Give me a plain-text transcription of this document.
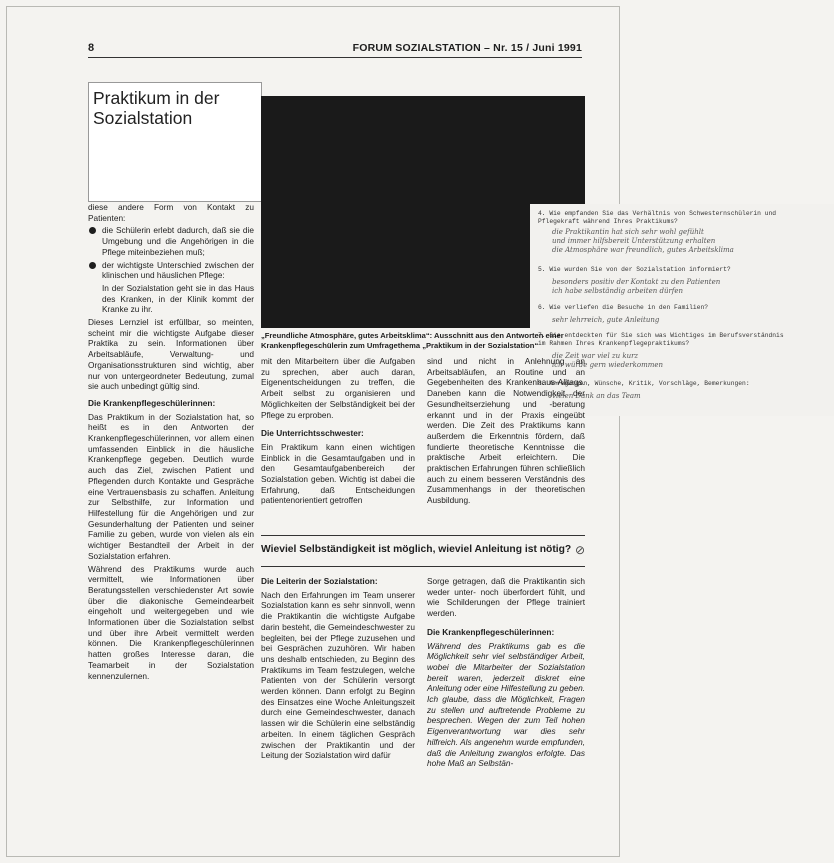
8	FORUM SOZIALSTATION – Nr. 15 / Juni 1991
Praktikum in der Sozialstation
4. Wie empfanden Sie das Verhältnis von Schwesternschülerin und
Pflegekraft während Ihres Praktikums?
die Praktikantin hat sich sehr wohl gefühlt
und immer hilfsbereit Unterstützung erhalten
die Atmosphäre war freundlich, gutes Arbeitsklima
5. Wie wurden Sie von der Sozialstation informiert?
besonders positiv der Kontakt zu den Patienten
ich habe selbständig arbeiten dürfen
6. Wie verliefen die Besuche in den Familien?
sehr lehrreich, gute Anleitung
7. Sie entdeckten für Sie sich was Wichtiges im Berufsverständnis
im Rahmen Ihres Krankenpflegepraktikums?
die Zeit war viel zu kurz
ich würde gern wiederkommen
8. Anregungen, Wünsche, Kritik, Vorschläge, Bemerkungen:
vielen Dank an das Team
„Freundliche Atmosphäre, gutes Arbeitsklima“: Ausschnitt aus den Antworten einer Krankenpflegeschülerin zum Umfragethema „Praktikum in der Sozialstation“

diese andere Form von Kontakt zu Patienten:

die Schülerin erlebt dadurch, daß sie die Umgebung und die Angehörigen in die Pflege miteinbeziehen muß;
der wichtigste Unterschied zwischen der klinischen und häuslichen Pflege:

In der Sozialstation geht sie in das Haus des Kranken, in der Klinik kommt der Kranke zu ihr.

Dieses Lernziel ist erfüllbar, so meinten, scheint mir die wichtigste Aufgabe dieser Praktika zu sein. Informationen über Arbeitsabläufe, Verwaltung- und Organisationsstrukturen sind wichtig, aber nur von untergeordneter Bedeutung, zumal sie auch unbedingt gültig sind.

Die Krankenpflegeschülerinnen:

Das Praktikum in der Sozialstation hat, so heißt es in den Antworten der Krankenpflegeschülerinnen, vor allem einen umfassenden Einblick in die häusliche Krankenpflege gegeben. Deutlich wurde auch das Ziel, zwischen Patient und Pflegenden durch Kontakte und Gespräche eine Vertrauensbasis zu schaffen. Anleitung zur Selbsthilfe, zur Information und Hilfestellung für die Angehörigen und zur Gesunderhaltung der Patienten und seiner Familie zu geben, wurde von vielen als ein wichtiger Bestandteil der Arbeit in der Sozialstation erfahren.

Während des Praktikums wurde auch vermittelt, wie Informationen über Beratungsstellen verschiedenster Art sowie über die diakonische Gemeindearbeit eingeholt und weitergegeben und wie Informationen über die Sozialstation selbst und über ihre Arbeit vermittelt werden können. Die Krankenpflegeschülerinnen hatten großes Interesse daran, die Teamarbeit in der Sozialstation kennenzulernen.

mit den Mitarbeitern über die Aufgaben zu sprechen, aber auch daran, Eigenentscheidungen zu treffen, die Arbeit selbst zu organisieren und Möglichkeiten der Selbständigkeit bei der Pflege zu erproben.

Die Unterrichtsschwester:

Ein Praktikum kann einen wichtigen Einblick in die Gesamtaufgaben und in den Gesamtaufgabenbereich der Sozialstation geben. Wichtig ist dabei die Erfahrung, daß Entscheidungen patientenorientiert getroffen

sind und nicht in Anlehnung an Arbeitsabläufen, an Routine und an Gegebenheiten des Krankenhaus-Alltags. Daneben kann die Notwendigkeit der Gesundheitserziehung und -beratung erkannt und in der Praxis eingeübt werden. Die Zeit des Praktikums kann außerdem die Erkenntnis fördern, daß fundierte theoretische Kenntnisse die praktische Arbeit erleichtern. Die praktischen Erfahrungen führen schließlich auch zu einem besseren Verständnis des Zusammenhangs in der theoretischen Ausbildung.

Wieviel Selbständigkeit ist möglich, wieviel Anleitung ist nötig? ⊘
Die Leiterin der Sozialstation:

Nach den Erfahrungen im Team unserer Sozialstation kann es sehr sinnvoll, wenn die Praktikantin die wichtigste Aufgabe darin besteht, die Gemeindeschwester zu begleiten, bei der Pflege zuzusehen und bei Gesprächen zuzuhören. Wir haben uns deshalb entschieden, zu Beginn des Praktikums im Team festzulegen, welche Patienten von der Schülerin versorgt werden können. Dann erfolgt zu Beginn des Einsatzes eine Woche Anleitungszeit durch eine Gemeindeschwester, danach lassen wir die Schülerin eine selbständig arbeiten. In einem täglichen Gespräch zwischen der Praktikantin und der Leitung der Sozialstation wird dafür

Sorge getragen, daß die Praktikantin sich weder unter- noch überfordert fühlt, und wie Schilderungen der Pflege trainiert werden.

Die Krankenpflegeschülerinnen:

Während des Praktikums gab es die Möglichkeit sehr viel selbständiger Arbeit, wobei die Mitarbeiter der Sozialstation bereit waren, jederzeit diskret eine Anleitung oder eine Hilfestellung zu geben. Ich glaube, dass die Möglichkeit, Fragen zu stellen und auftretende Probleme zu besprechen. Wegen der zum Teil hohen Eigenverantwortung war dies sehr hilfreich. Als angenehm wurde empfunden, daß die Anleitung zwanglos erfolgte. Das hohe Maß an Selbstän-
